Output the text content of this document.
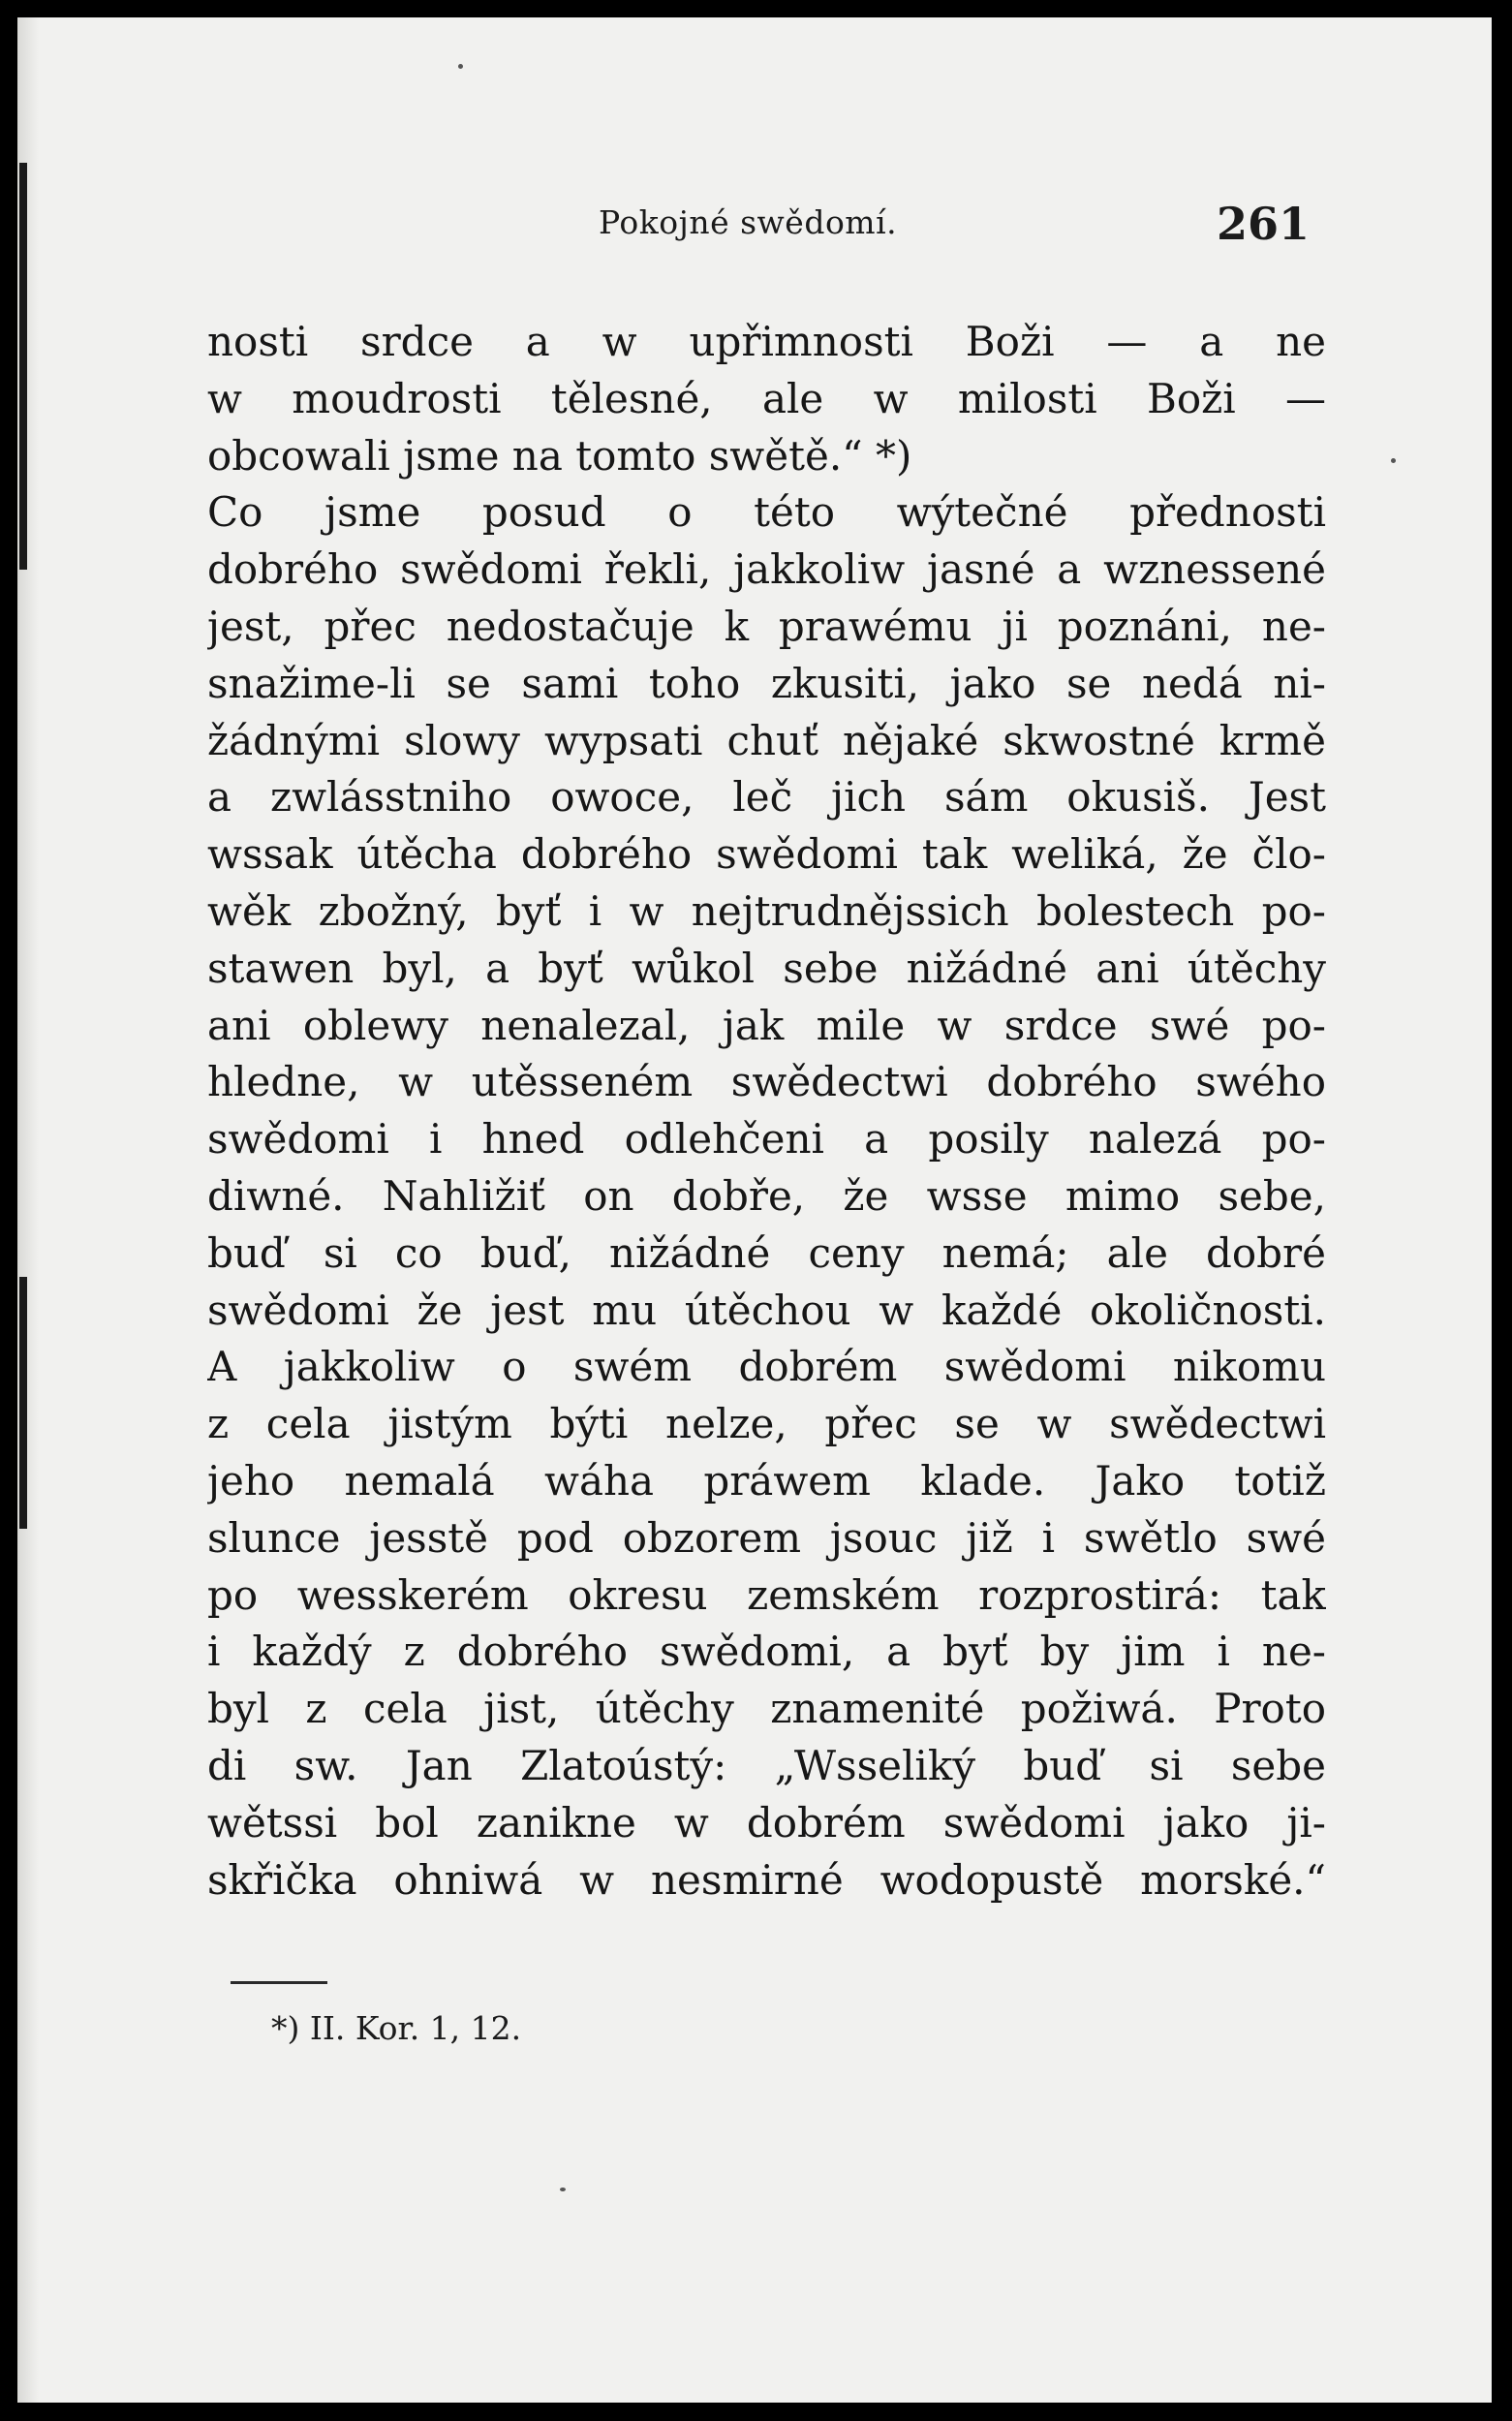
Pokojné swědomí.	261
nosti srdce a w upřimnosti Boži — a ne
w moudrosti tělesné, ale w milosti Boži —
obcowali jsme na tomto swětě.“ *)
Co jsme posud o této wýtečné přednosti
dobrého swědomi řekli, jakkoliw jasné a wznessené
jest, přec nedostačuje k prawému ji poznáni, ne-
snažime-li se sami toho zkusiti, jako se nedá ni-
žádnými slowy wypsati chuť nějaké skwostné krmě
a zwlásstniho owoce, leč jich sám okusiš. Jest
wssak útěcha dobrého swědomi tak weliká, že člo-
wěk zbožný, byť i w nejtrudnějssich bolestech po-
stawen byl, a byť wůkol sebe nižádné ani útěchy
ani oblewy nenalezal, jak mile w srdce swé po-
hledne, w utěsseném swědectwi dobrého swého
swědomi i hned odlehčeni a posily nalezá po-
diwné. Nahližiť on dobře, že wsse mimo sebe,
buď si co buď, nižádné ceny nemá; ale dobré
swědomi že jest mu útěchou w každé okoličnosti.
A jakkoliw o swém dobrém swědomi nikomu
z cela jistým býti nelze, přec se w swědectwi
jeho nemalá wáha práwem klade. Jako totiž
slunce jesstě pod obzorem jsouc již i swětlo swé
po wesskerém okresu zemském rozprostirá: tak
i každý z dobrého swědomi, a byť by jim i ne-
byl z cela jist, útěchy znamenité požiwá. Proto
di sw. Jan Zlatoústý: „Wsseliký buď si sebe
wětssi bol zanikne w dobrém swědomi jako ji-
skřička ohniwá w nesmirné wodopustě morské.“
*) II. Kor. 1, 12.
